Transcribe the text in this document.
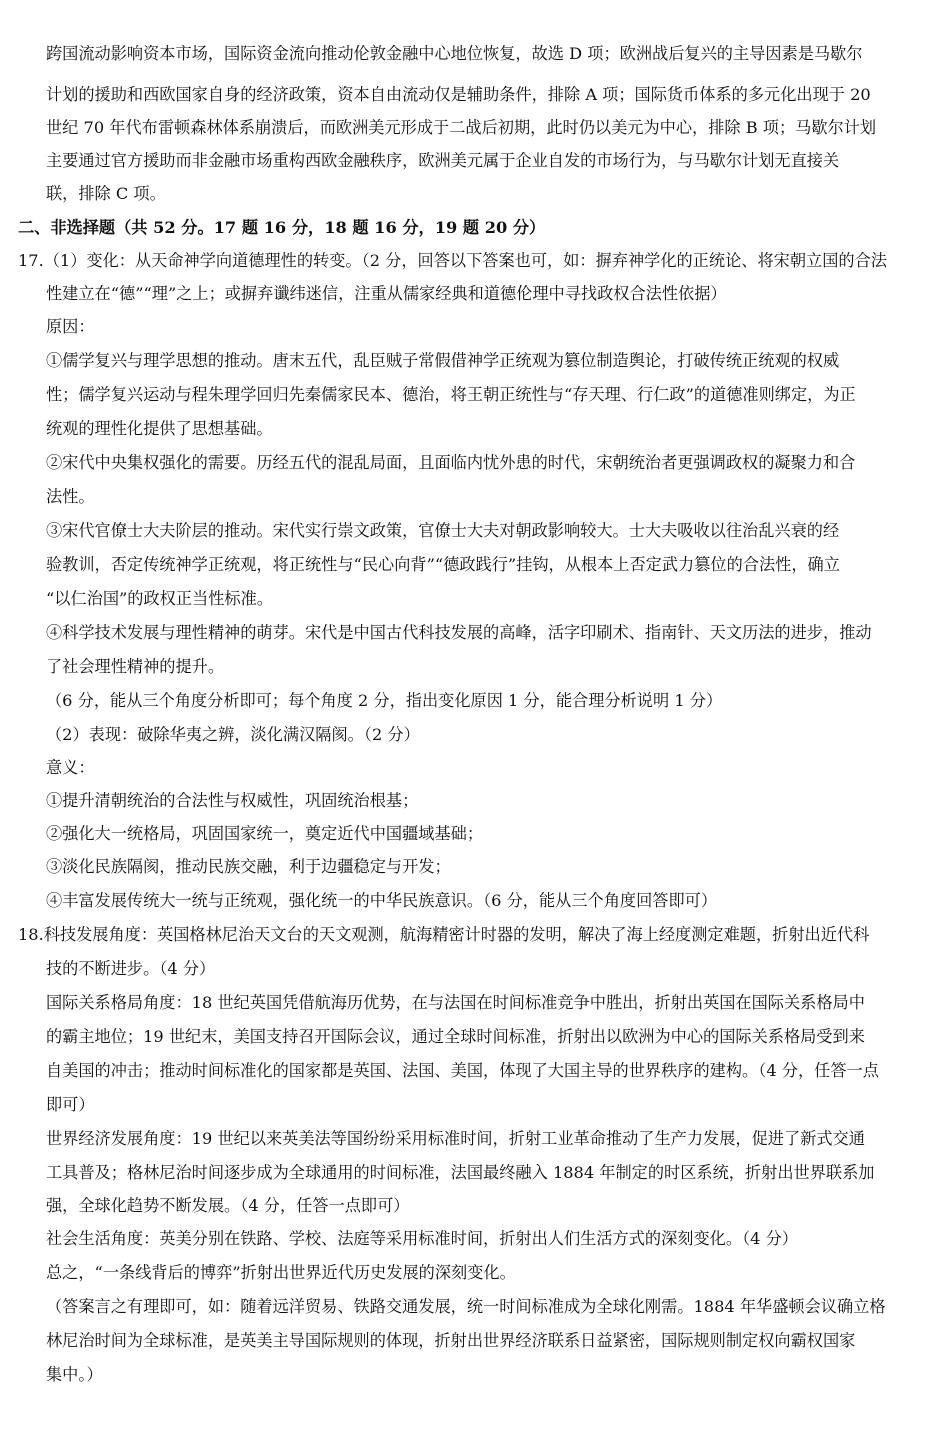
跨国流动影响资本市场，国际资金流向推动伦敦金融中心地位恢复，故选 D 项；欧洲战后复兴的主导因素是马歇尔
计划的援助和西欧国家自身的经济政策，资本自由流动仅是辅助条件，排除 A 项；国际货币体系的多元化出现于 20
世纪 70 年代布雷顿森林体系崩溃后，而欧洲美元形成于二战后初期，此时仍以美元为中心，排除 B 项；马歇尔计划
主要通过官方援助而非金融市场重构西欧金融秩序，欧洲美元属于企业自发的市场行为，与马歇尔计划无直接关
联，排除 C 项。
二、非选择题（共 52 分。17 题 16 分，18 题 16 分，19 题 20 分）
17.（1）变化：从天命神学向道德理性的转变。（2 分，回答以下答案也可，如：摒弃神学化的正统论、将宋朝立国的合法
性建立在“德”“理”之上；或摒弃谶纬迷信，注重从儒家经典和道德伦理中寻找政权合法性依据）
原因：
①儒学复兴与理学思想的推动。唐末五代，乱臣贼子常假借神学正统观为篡位制造舆论，打破传统正统观的权威
性；儒学复兴运动与程朱理学回归先秦儒家民本、德治，将王朝正统性与“存天理、行仁政”的道德准则绑定，为正
统观的理性化提供了思想基础。
②宋代中央集权强化的需要。历经五代的混乱局面，且面临内忧外患的时代，宋朝统治者更强调政权的凝聚力和合
法性。
③宋代官僚士大夫阶层的推动。宋代实行崇文政策，官僚士大夫对朝政影响较大。士大夫吸收以往治乱兴衰的经
验教训，否定传统神学正统观，将正统性与“民心向背”“德政践行”挂钩，从根本上否定武力篡位的合法性，确立
“以仁治国”的政权正当性标准。
④科学技术发展与理性精神的萌芽。宋代是中国古代科技发展的高峰，活字印刷术、指南针、天文历法的进步，推动
了社会理性精神的提升。
（6 分，能从三个角度分析即可；每个角度 2 分，指出变化原因 1 分，能合理分析说明 1 分）
（2）表现：破除华夷之辨，淡化满汉隔阂。（2 分）
意义：
①提升清朝统治的合法性与权威性，巩固统治根基；
②强化大一统格局，巩固国家统一，奠定近代中国疆域基础；
③淡化民族隔阂，推动民族交融，利于边疆稳定与开发；
④丰富发展传统大一统与正统观，强化统一的中华民族意识。（6 分，能从三个角度回答即可）
18.科技发展角度：英国格林尼治天文台的天文观测，航海精密计时器的发明，解决了海上经度测定难题，折射出近代科
技的不断进步。（4 分）
国际关系格局角度：18 世纪英国凭借航海历优势，在与法国在时间标准竞争中胜出，折射出英国在国际关系格局中
的霸主地位；19 世纪末，美国支持召开国际会议，通过全球时间标准，折射出以欧洲为中心的国际关系格局受到来
自美国的冲击；推动时间标准化的国家都是英国、法国、美国，体现了大国主导的世界秩序的建构。（4 分，任答一点
即可）
世界经济发展角度：19 世纪以来英美法等国纷纷采用标准时间，折射工业革命推动了生产力发展，促进了新式交通
工具普及；格林尼治时间逐步成为全球通用的时间标准，法国最终融入 1884 年制定的时区系统，折射出世界联系加
强，全球化趋势不断发展。（4 分，任答一点即可）
社会生活角度：英美分别在铁路、学校、法庭等采用标准时间，折射出人们生活方式的深刻变化。（4 分）
总之，“一条线背后的博弈”折射出世界近代历史发展的深刻变化。
（答案言之有理即可，如：随着远洋贸易、铁路交通发展，统一时间标准成为全球化刚需。1884 年华盛顿会议确立格
林尼治时间为全球标准，是英美主导国际规则的体现，折射出世界经济联系日益紧密，国际规则制定权向霸权国家
集中。）
